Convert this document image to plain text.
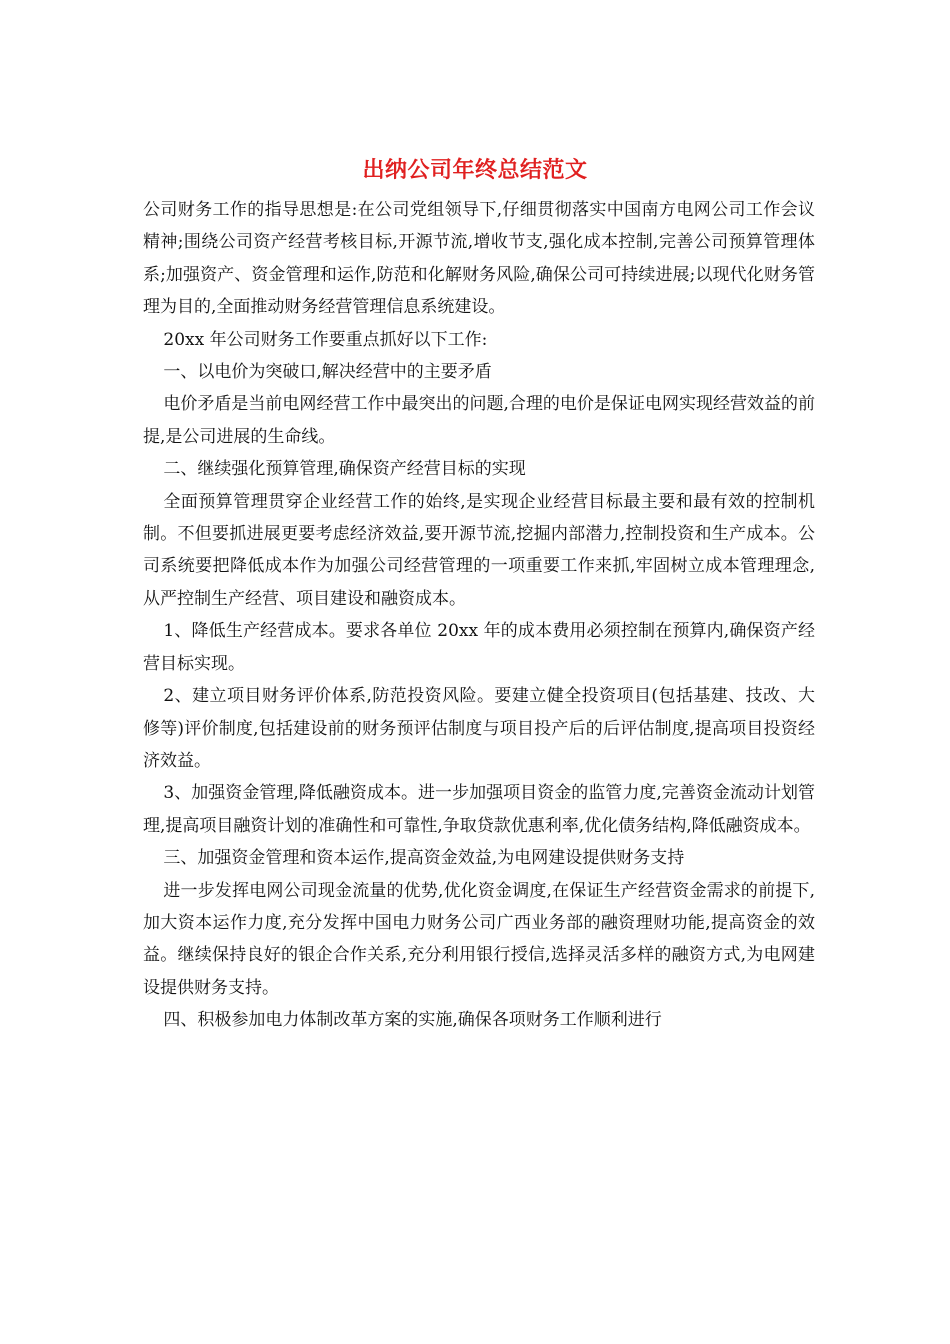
出纳公司年终总结范文

公司财务工作的指导思想是:在公司党组领导下,仔细贯彻落实中国南方电网公司工作会议精神;围绕公司资产经营考核目标,开源节流,增收节支,强化成本控制,完善公司预算管理体系;加强资产、资金管理和运作,防范和化解财务风险,确保公司可持续进展;以现代化财务管理为目的,全面推动财务经营管理信息系统建设。

20xx 年公司财务工作要重点抓好以下工作:

一、以电价为突破口,解决经营中的主要矛盾

电价矛盾是当前电网经营工作中最突出的问题,合理的电价是保证电网实现经营效益的前提,是公司进展的生命线。

二、继续强化预算管理,确保资产经营目标的实现

全面预算管理贯穿企业经营工作的始终,是实现企业经营目标最主要和最有效的控制机制。不但要抓进展更要考虑经济效益,要开源节流,挖掘内部潜力,控制投资和生产成本。公司系统要把降低成本作为加强公司经营管理的一项重要工作来抓,牢固树立成本管理理念,从严控制生产经营、项目建设和融资成本。

1、降低生产经营成本。要求各单位 20xx 年的成本费用必须控制在预算内,确保资产经营目标实现。

2、建立项目财务评价体系,防范投资风险。要建立健全投资项目(包括基建、技改、大修等)评价制度,包括建设前的财务预评估制度与项目投产后的后评估制度,提高项目投资经济效益。

3、加强资金管理,降低融资成本。进一步加强项目资金的监管力度,完善资金流动计划管理,提高项目融资计划的准确性和可靠性,争取贷款优惠利率,优化债务结构,降低融资成本。

三、加强资金管理和资本运作,提高资金效益,为电网建设提供财务支持

进一步发挥电网公司现金流量的优势,优化资金调度,在保证生产经营资金需求的前提下,加大资本运作力度,充分发挥中国电力财务公司广西业务部的融资理财功能,提高资金的效益。继续保持良好的银企合作关系,充分利用银行授信,选择灵活多样的融资方式,为电网建设提供财务支持。

四、积极参加电力体制改革方案的实施,确保各项财务工作顺利进行
